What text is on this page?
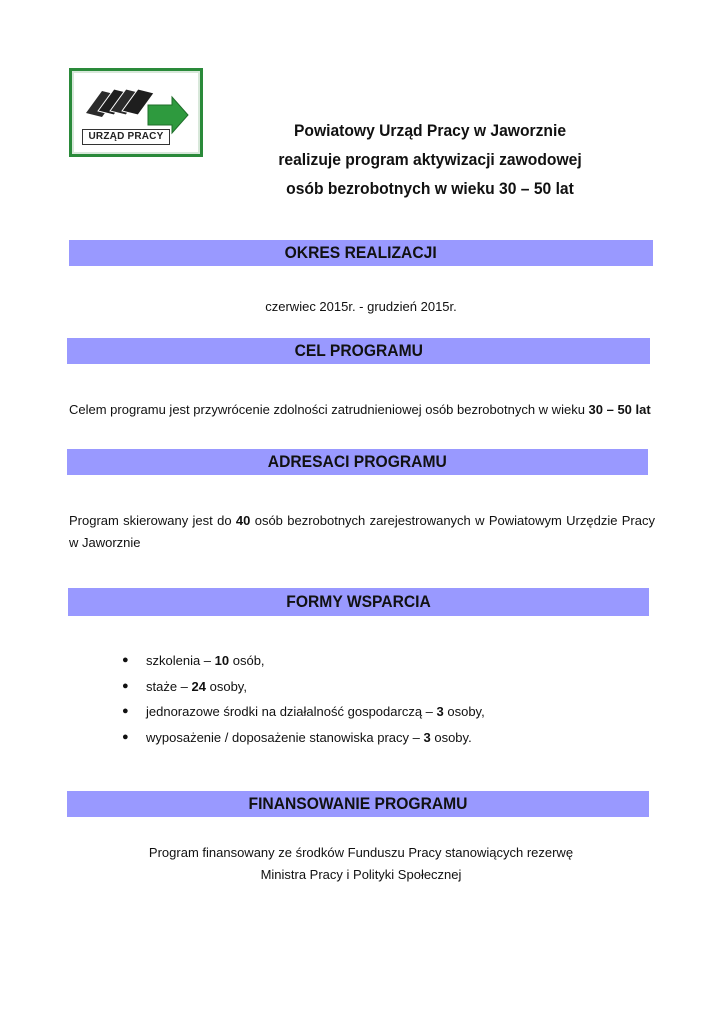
URZĄD PRACY	Powiatowy Urząd Pracy w Jaworznie
realizuje program aktywizacji zawodowej
osób bezrobotnych w wieku 30 – 50 lat
OKRES REALIZACJI
czerwiec 2015r. - grudzień 2015r.
CEL PROGRAMU
Celem programu jest przywrócenie zdolności zatrudnieniowej osób bezrobotnych w wieku 30 – 50 lat
ADRESACI PROGRAMU
Program skierowany jest do 40 osób bezrobotnych zarejestrowanych w Powiatowym Urzędzie Pracy
w Jaworznie
FORMY WSPARCIA
● szkolenia – 10 osób,
● staże – 24 osoby,
● jednorazowe środki na działalność gospodarczą – 3 osoby,
● wyposażenie / doposażenie stanowiska pracy – 3 osoby.
FINANSOWANIE PROGRAMU
Program finansowany ze środków Funduszu Pracy stanowiących rezerwę
Ministra Pracy i Polityki Społecznej
